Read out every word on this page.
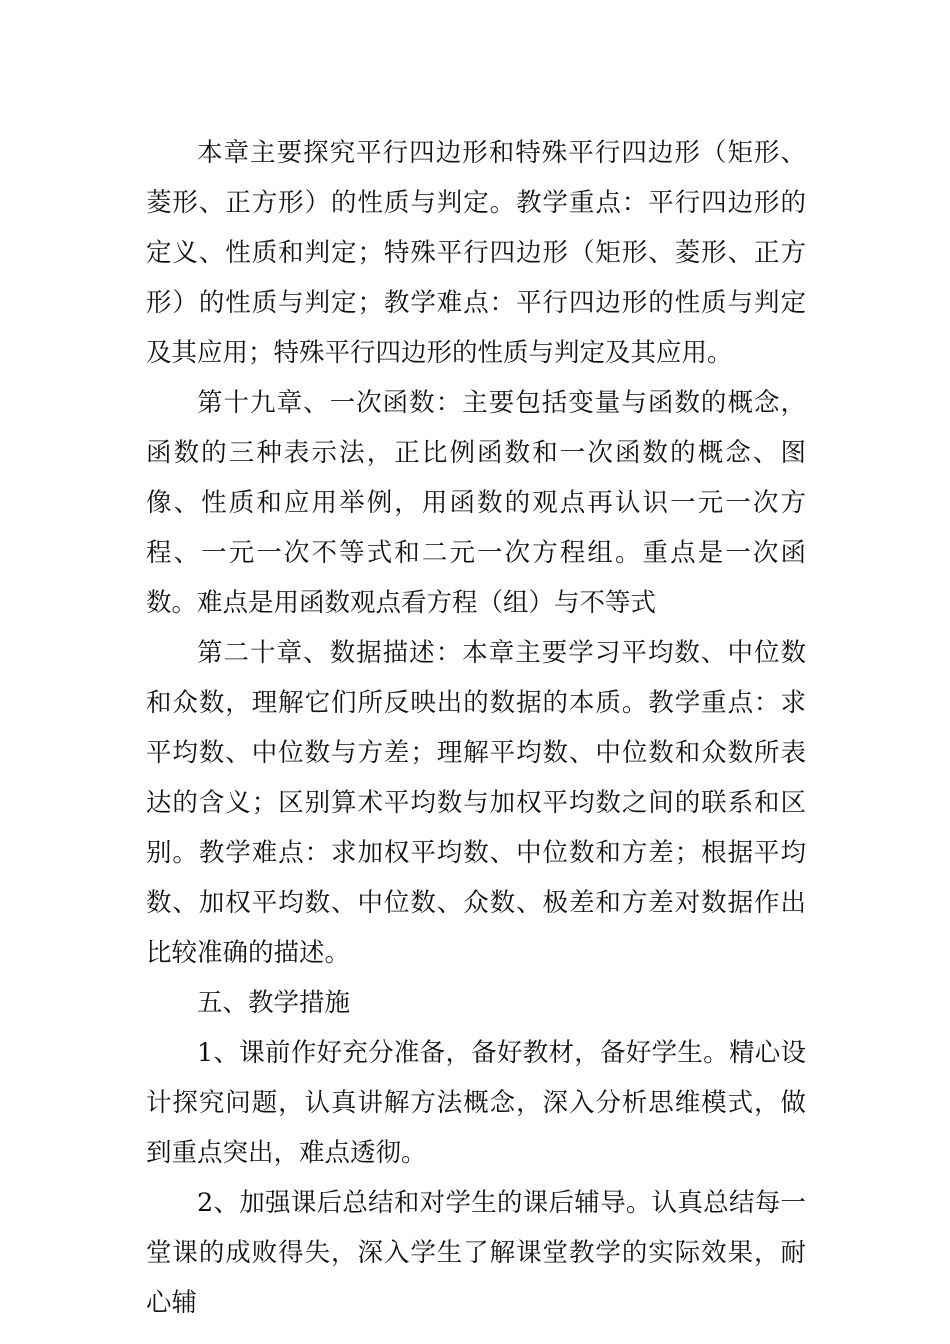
本章主要探究平行四边形和特殊平行四边形（矩形、菱形、正方形）的性质与判定。教学重点：平行四边形的定义、性质和判定；特殊平行四边形（矩形、菱形、正方形）的性质与判定；教学难点：平行四边形的性质与判定及其应用；特殊平行四边形的性质与判定及其应用。

第十九章、一次函数：主要包括变量与函数的概念，函数的三种表示法，正比例函数和一次函数的概念、图像、性质和应用举例，用函数的观点再认识一元一次方程、一元一次不等式和二元一次方程组。重点是一次函数。难点是用函数观点看方程（组）与不等式

第二十章、数据描述：本章主要学习平均数、中位数和众数，理解它们所反映出的数据的本质。教学重点：求平均数、中位数与方差；理解平均数、中位数和众数所表达的含义；区别算术平均数与加权平均数之间的联系和区别。教学难点：求加权平均数、中位数和方差；根据平均数、加权平均数、中位数、众数、极差和方差对数据作出比较准确的描述。

五、教学措施

1、课前作好充分准备，备好教材，备好学生。精心设计探究问题，认真讲解方法概念，深入分析思维模式，做到重点突出，难点透彻。

2、加强课后总结和对学生的课后辅导。认真总结每一堂课的成败得失，深入学生了解课堂教学的实际效果，耐心辅
